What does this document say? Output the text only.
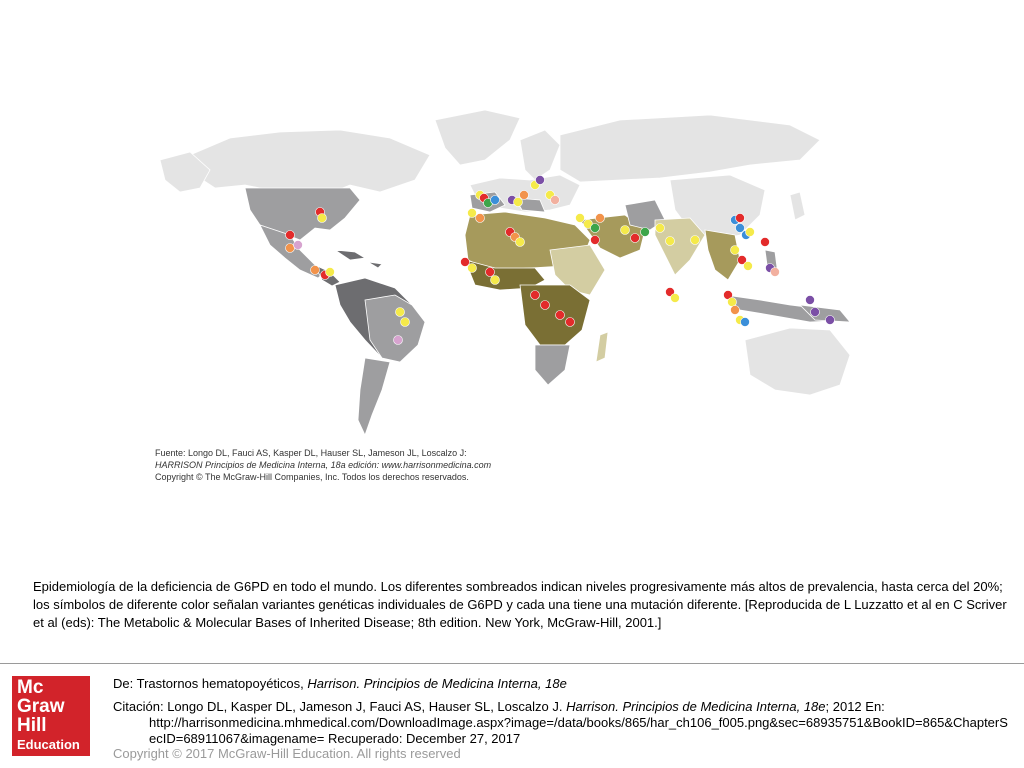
Fuente: Longo DL, Fauci AS, Kasper DL, Hauser SL, Jameson JL, Loscalzo J:
HARRISON Principios de Medicina Interna, 18a edición: www.harrisonmedicina.com
Copyright © The McGraw-Hill Companies, Inc. Todos los derechos reservados.
Epidemiología de la deficiencia de G6PD en todo el mundo. Los diferentes sombreados indican niveles progresivamente más altos de prevalencia, hasta cerca del 20%; los símbolos de diferente color señalan variantes genéticas individuales de G6PD y cada una tiene una mutación diferente. [Reproducida de L Luzzatto et al en C Scriver et al (eds): The Metabolic & Molecular Bases of Inherited Disease; 8th edition. New York, McGraw-Hill, 2001.]
Mc
Graw
Hill
Education
De: Trastornos hematopoyéticos, Harrison. Principios de Medicina Interna, 18e
Citación: Longo DL, Kasper DL, Jameson J, Fauci AS, Hauser SL, Loscalzo J. Harrison. Principios de Medicina Interna, 18e; 2012 En:
http://harrisonmedicina.mhmedical.com/DownloadImage.aspx?image=/data/books/865/har_ch106_f005.png&sec=68935751&BookID=865&ChapterSecID=68911067&imagename= Recuperado: December 27, 2017
Copyright © 2017 McGraw-Hill Education. All rights reserved
